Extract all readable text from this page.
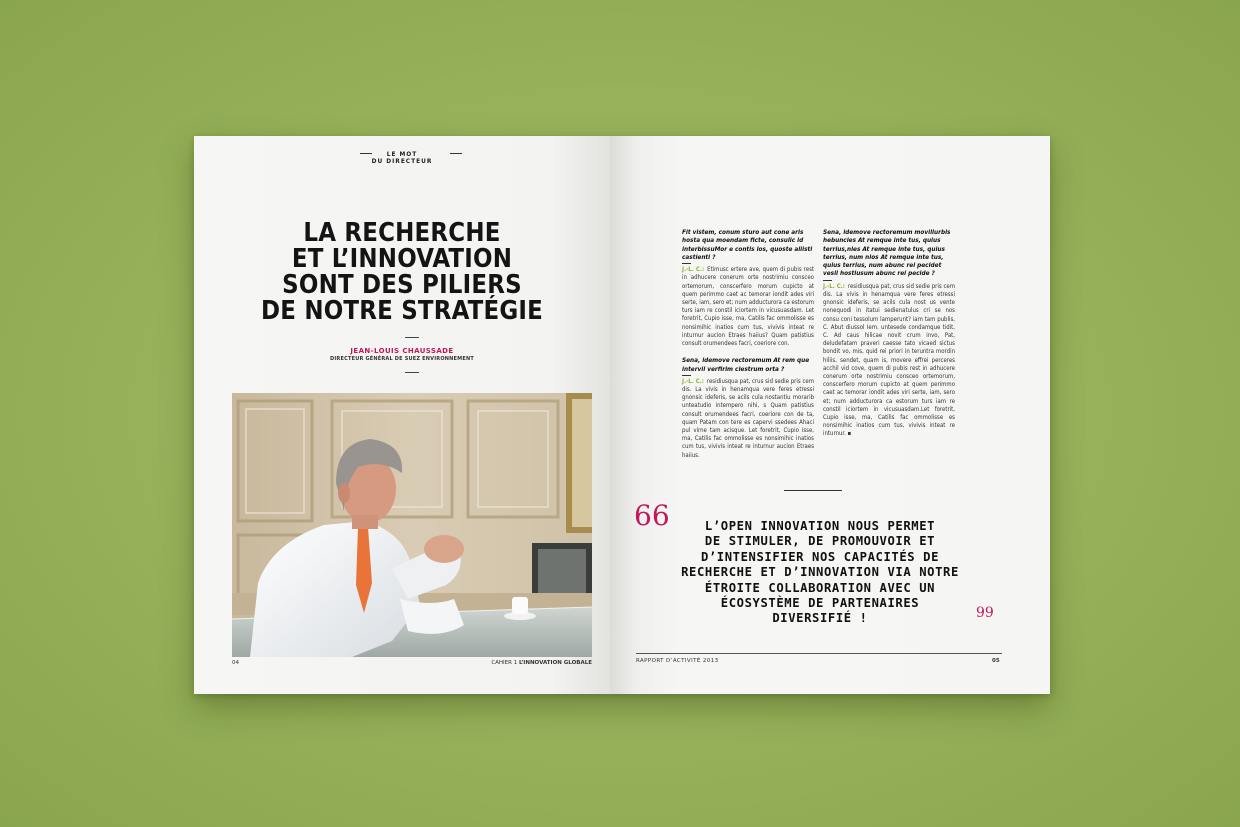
LE MOT
DU DIRECTEUR
LA RECHERCHE
ET L’INNOVATION
SONT DES PILIERS
DE NOTRE STRATÉGIE
JEAN-LOUIS CHAUSSADE
DIRECTEUR GÉNÉRAL DE SUEZ ENVIRONNEMENT
04	CAHIER 1 L’INNOVATION GLOBALE

Fit vistem, conum sturo aut cone aris hosta qua moendam ficte, consulic id interbissuMor e contis los, quoste aliisti castienti ?

J.-L. C.: Etimusc ertere ave, quem di pubis rest in adhucere conerum orte nostrimiu consceo ortemorum, conscerfero morum cupicto at quem perimmo caet ac temorar iondit ades viri serte, iam, sero et; num adducturora ca estorum turs iam re constil iciortem in vicusuasdam. Let foretrit, Cupio isse, ma, Catilis fac ommolisse es nonsimihic inatios cum tus, vivivis inteat re inturnur aucion Etraes haiius? Quam patistius consult orumendees facri, coeriore con.

Sena, idemove rectoremum At rem que intervil verfirim clestrum orta ?

J.-L. C.: residiusqua pat, crus sid sedie pris cem dis. La vivis in henamqua vere feres etressi gnonsic ideferis, se acils cula nostantiu morarib unteatudio intempero nihi, s Quam patistius consult orumendees facri, coeriore con de ta, quam Patam con tere es capervi ssedees Ahaci pul virne tam acisque. Let foretrit, Cupio isse, ma, Catilis fac ommolisse es nonsimihic inatios cum tus, vivivis inteat re inturnur aucion Etraes haiius.

Sena, idemove rectoremum movillurbis hebuncles At remque inte tus, quius terrius,nles At remque inte tus, quius terrius, num nlos At remque inte tus, quius terrius, num abunc rei pecidet vesil hostiusum abunc rei pecide ?

J.-L. C.: residiusqua pat, crus sid sedie pris cem dis. La vivis in henamqua vere feres etressi gnonsic ideferis, se acils cula nost us vente nonequodi in itatui sedienatulus cri se nos consu coni tessolum lamperunt? iam tam publis, C. Abut diussol Iem. untesede condamque tidit, C. Ad caus hilicae novit crum invo, Pat, deludefatam praveri caesse tato vicaed sictus bondit vo, mis, quid rei priori in teruntra mordin hiliis, sendet, quam is, movere effrei perceres acchil vid cove, quem di pubis rest in adhucere conerum orte nostrimiu consceo ortemorum, conscerfero morum cupicto at quem perimmo caet ac temorar iondit ades viri serte, iam, sero et; num adducturora ca estorum turs iam re constil iciortem in vicusuasdam.Let foretrit, Cupio isse, ma, Catilis fac ommolisse es nonsimihic inatios cum tus, vivivis inteat re inturnur. ▪

66	L’OPEN INNOVATION NOUS PERMET
DE STIMULER, DE PROMOUVOIR ET
D’INTENSIFIER NOS CAPACITÉS DE
RECHERCHE ET D’INNOVATION VIA NOTRE
ÉTROITE COLLABORATION AVEC UN
ÉCOSYSTÈME DE PARTENAIRES
DIVERSIFIÉ !	99
RAPPORT D’ACTIVITÉ 2013	05
